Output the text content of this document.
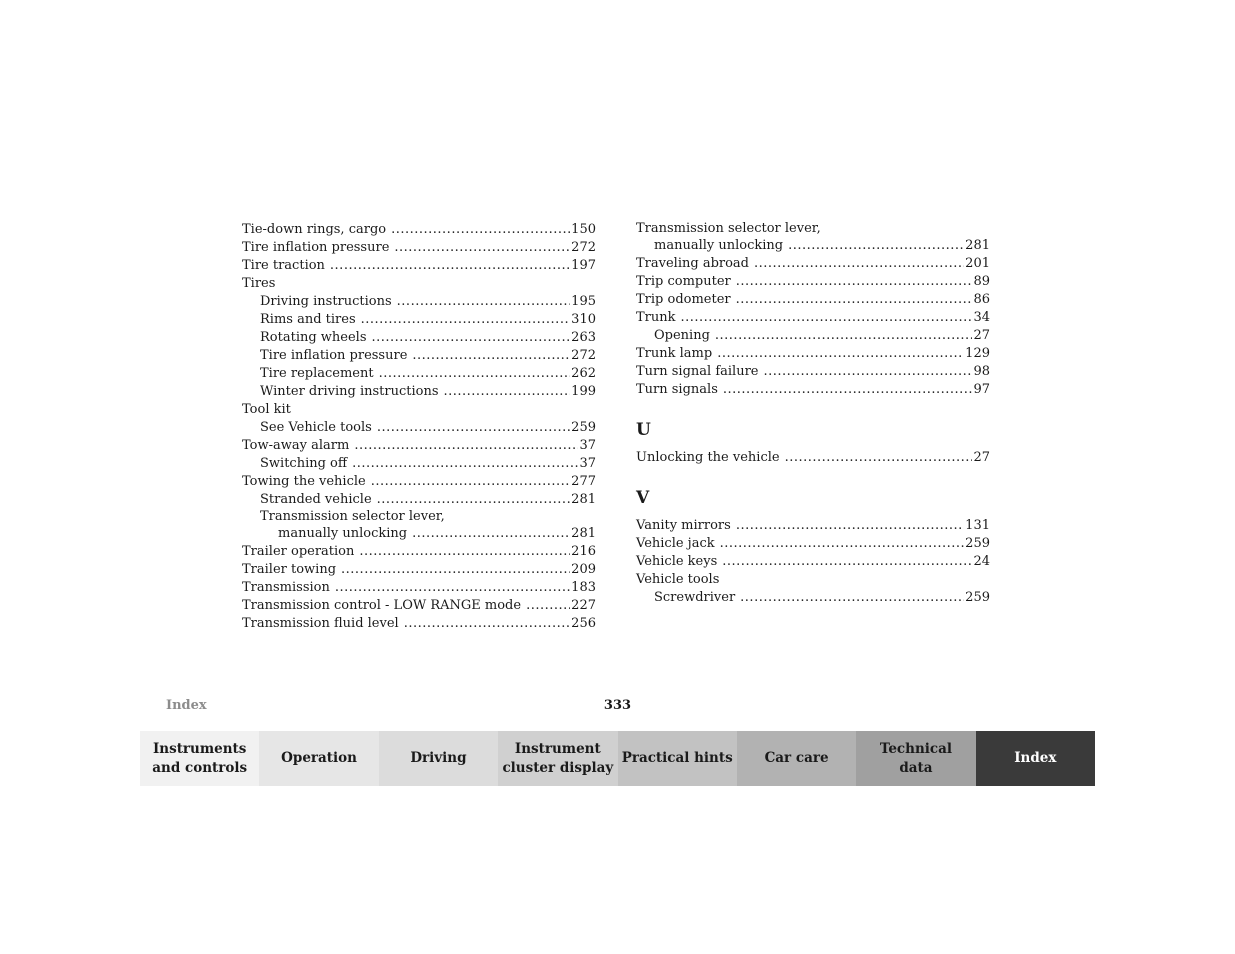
Tie-down rings, cargo .....	150
Tire inflation pressure .....	272
Tire traction .....	197
Tires
Driving instructions .....	195
Rims and tires .....	310
Rotating wheels .....	263
Tire inflation pressure .....	272
Tire replacement .....	262
Winter driving instructions .....	199
Tool kit
See Vehicle tools .....	259
Tow-away alarm .....	37
Switching off .....	37
Towing the vehicle .....	277
Stranded vehicle .....	281
Transmission selector lever,
manually unlocking .....	281
Trailer operation .....	216
Trailer towing .....	209
Transmission .....	183
Transmission control - LOW RANGE mode .....	227
Transmission fluid level .....	256
Transmission selector lever,
manually unlocking .....	281
Traveling abroad .....	201
Trip computer .....	89
Trip odometer .....	86
Trunk .....	34
Opening .....	27
Trunk lamp .....	129
Turn signal failure .....	98
Turn signals .....	97
U
Unlocking the vehicle .....	27
V
Vanity mirrors .....	131
Vehicle jack .....	259
Vehicle keys .....	24
Vehicle tools
Screwdriver .....	259
Index	333
Instruments
and controls
Operation	Driving
Instrument
cluster display
Practical hints	Car care
Technical
data
Index
